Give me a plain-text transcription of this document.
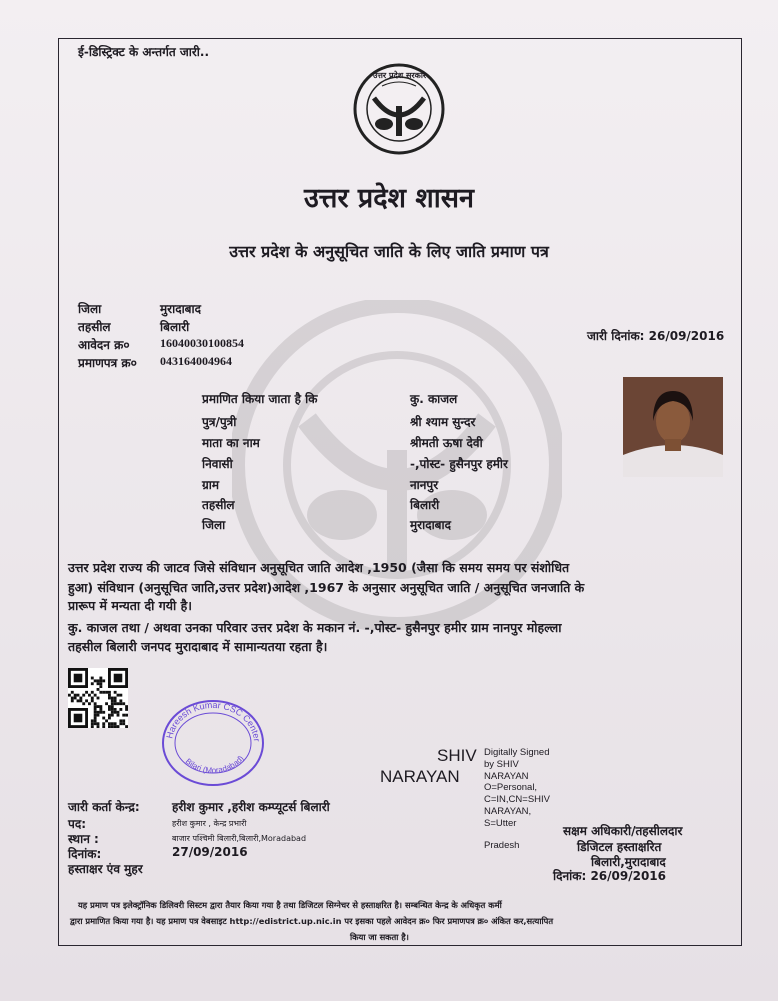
ई-डिस्ट्रिक्ट के अन्तर्गत जारी..
उत्तर प्रदेश सरकार
उत्तर प्रदेश शासन
उत्तर प्रदेश के अनुसूचित जाति के लिए जाति प्रमाण पत्र
जिला	मुरादाबाद
तहसील	बिलारी
आवेदन क्र०	16040030100854
प्रमाणपत्र क्र० 043164004964
जारी दिनांक: 26/09/2016
प्रमाणित किया जाता है कि	कु. काजल
पुत्र/पुत्री	श्री श्याम सुन्दर
माता का नाम	श्रीमती ऊषा देवी
निवासी	-,पोस्ट- हुसैनपुर हमीर
ग्राम	नानपुर
तहसील	बिलारी
जिला	मुरादाबाद
उत्तर प्रदेश राज्य की जाटव जिसे संविधान अनुसूचित जाति आदेश ,1950 (जैसा कि समय समय पर संशोधित
हुआ) संविधान (अनुसूचित जाति,उत्तर प्रदेश)आदेश ,1967 के अनुसार अनुसूचित जाति / अनुसूचित जनजाति के
प्रारूप में मन्यता दी गयी है।
कु. काजल तथा / अथवा उनका परिवार उत्तर प्रदेश के मकान नं. -,पोस्ट- हुसैनपुर हमीर ग्राम नानपुर मोहल्ला
तहसील बिलारी जनपद मुरादाबाद में सामान्यतया रहता है।
Hareesh Kumar CSC Center
Bilari (Moradabad)	SHIV
NARAYAN
Digitally Signed
by SHIV
NARAYAN
O=Personal,
C=IN,CN=SHIV
NARAYAN,
S=Utter
Pradesh
जारी कर्ता केन्द्र:	हरीश कुमार ,हरीश कम्प्यूटर्स बिलारी
पद:	हरीश कुमार , केन्द्र प्रभारी
स्थान :	बाजार पश्चिमी बिलारी,बिलारी,Moradabad
दिनांक:	27/09/2016
हस्ताक्षर एंव मुहर
सक्षम अधिकारी/तहसीलदार
डिजिटल हस्ताक्षरित
बिलारी,मुरादाबाद
दिनांक: 26/09/2016
यह प्रमाण पत्र इलेक्ट्रॉनिक डिलिवरी सिस्टम द्वारा तैयार किया गया है तथा डिजिटल सिग्नेचर से हस्ताक्षरित है। सम्बन्धित केन्द्र के अधिकृत कर्मी
द्वारा प्रमाणित किया गया है। यह प्रमाण पत्र वेबसाइट http://edistrict.up.nic.in पर इसका पहले आवेदन क्र० फिर प्रमाणपत्र क्र० अंकित कर,सत्यापित
किया जा सकता है।
